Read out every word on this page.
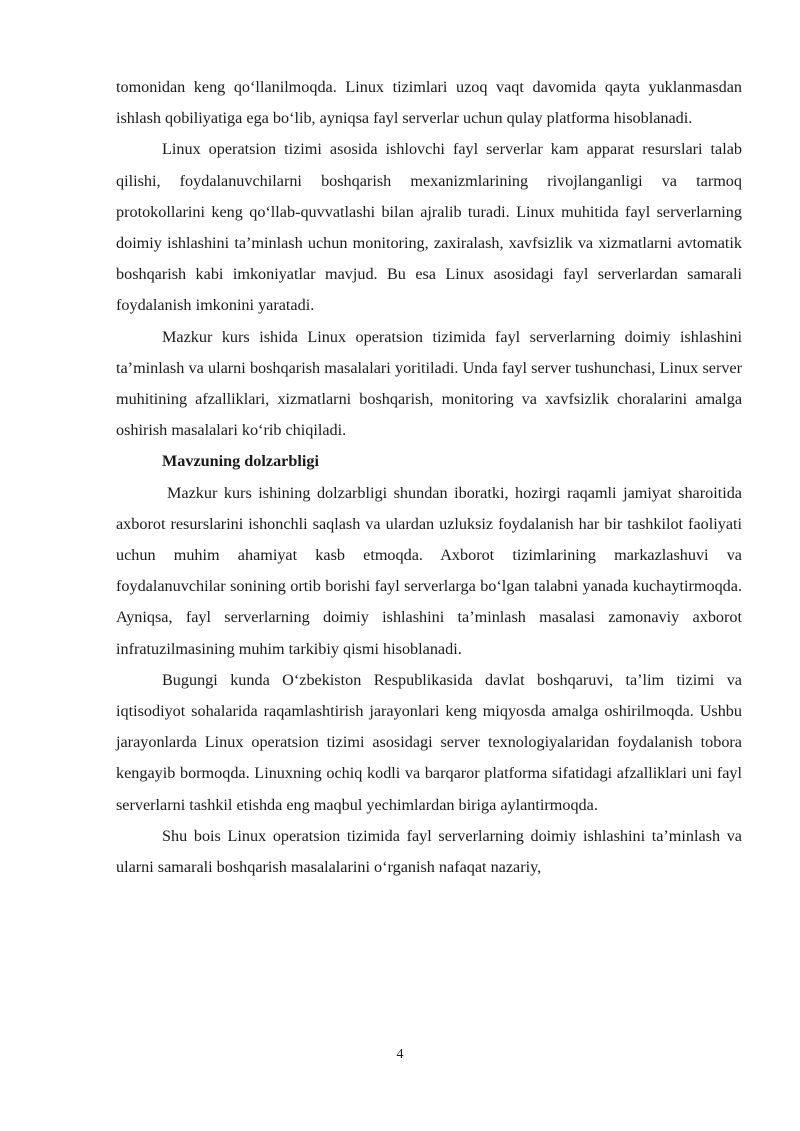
tomonidan keng qo‘llanilmoqda. Linux tizimlari uzoq vaqt davomida qayta yuklanmasdan ishlash qobiliyatiga ega bo‘lib, ayniqsa fayl serverlar uchun qulay platforma hisoblanadi.

Linux operatsion tizimi asosida ishlovchi fayl serverlar kam apparat resurslari talab qilishi, foydalanuvchilarni boshqarish mexanizmlarining rivojlanganligi va tarmoq protokollarini keng qo‘llab-quvvatlashi bilan ajralib turadi. Linux muhitida fayl serverlarning doimiy ishlashini ta’minlash uchun monitoring, zaxiralash, xavfsizlik va xizmatlarni avtomatik boshqarish kabi imkoniyatlar mavjud. Bu esa Linux asosidagi fayl serverlardan samarali foydalanish imkonini yaratadi.

Mazkur kurs ishida Linux operatsion tizimida fayl serverlarning doimiy ishlashini ta’minlash va ularni boshqarish masalalari yoritiladi. Unda fayl server tushunchasi, Linux server muhitining afzalliklari, xizmatlarni boshqarish, monitoring va xavfsizlik choralarini amalga oshirish masalalari ko‘rib chiqiladi.

Mavzuning dolzarbligi

Mazkur kurs ishining dolzarbligi shundan iboratki, hozirgi raqamli jamiyat sharoitida axborot resurslarini ishonchli saqlash va ulardan uzluksiz foydalanish har bir tashkilot faoliyati uchun muhim ahamiyat kasb etmoqda. Axborot tizimlarining markazlashuvi va foydalanuvchilar sonining ortib borishi fayl serverlarga bo‘lgan talabni yanada kuchaytirmoqda. Ayniqsa, fayl serverlarning doimiy ishlashini ta’minlash masalasi zamonaviy axborot infratuzilmasining muhim tarkibiy qismi hisoblanadi.

Bugungi kunda O‘zbekiston Respublikasida davlat boshqaruvi, ta’lim tizimi va iqtisodiyot sohalarida raqamlashtirish jarayonlari keng miqyosda amalga oshirilmoqda. Ushbu jarayonlarda Linux operatsion tizimi asosidagi server texnologiyalaridan foydalanish tobora kengayib bormoqda. Linuxning ochiq kodli va barqaror platforma sifatidagi afzalliklari uni fayl serverlarni tashkil etishda eng maqbul yechimlardan biriga aylantirmoqda.

Shu bois Linux operatsion tizimida fayl serverlarning doimiy ishlashini ta’minlash va ularni samarali boshqarish masalalarini o‘rganish nafaqat nazariy,

4
